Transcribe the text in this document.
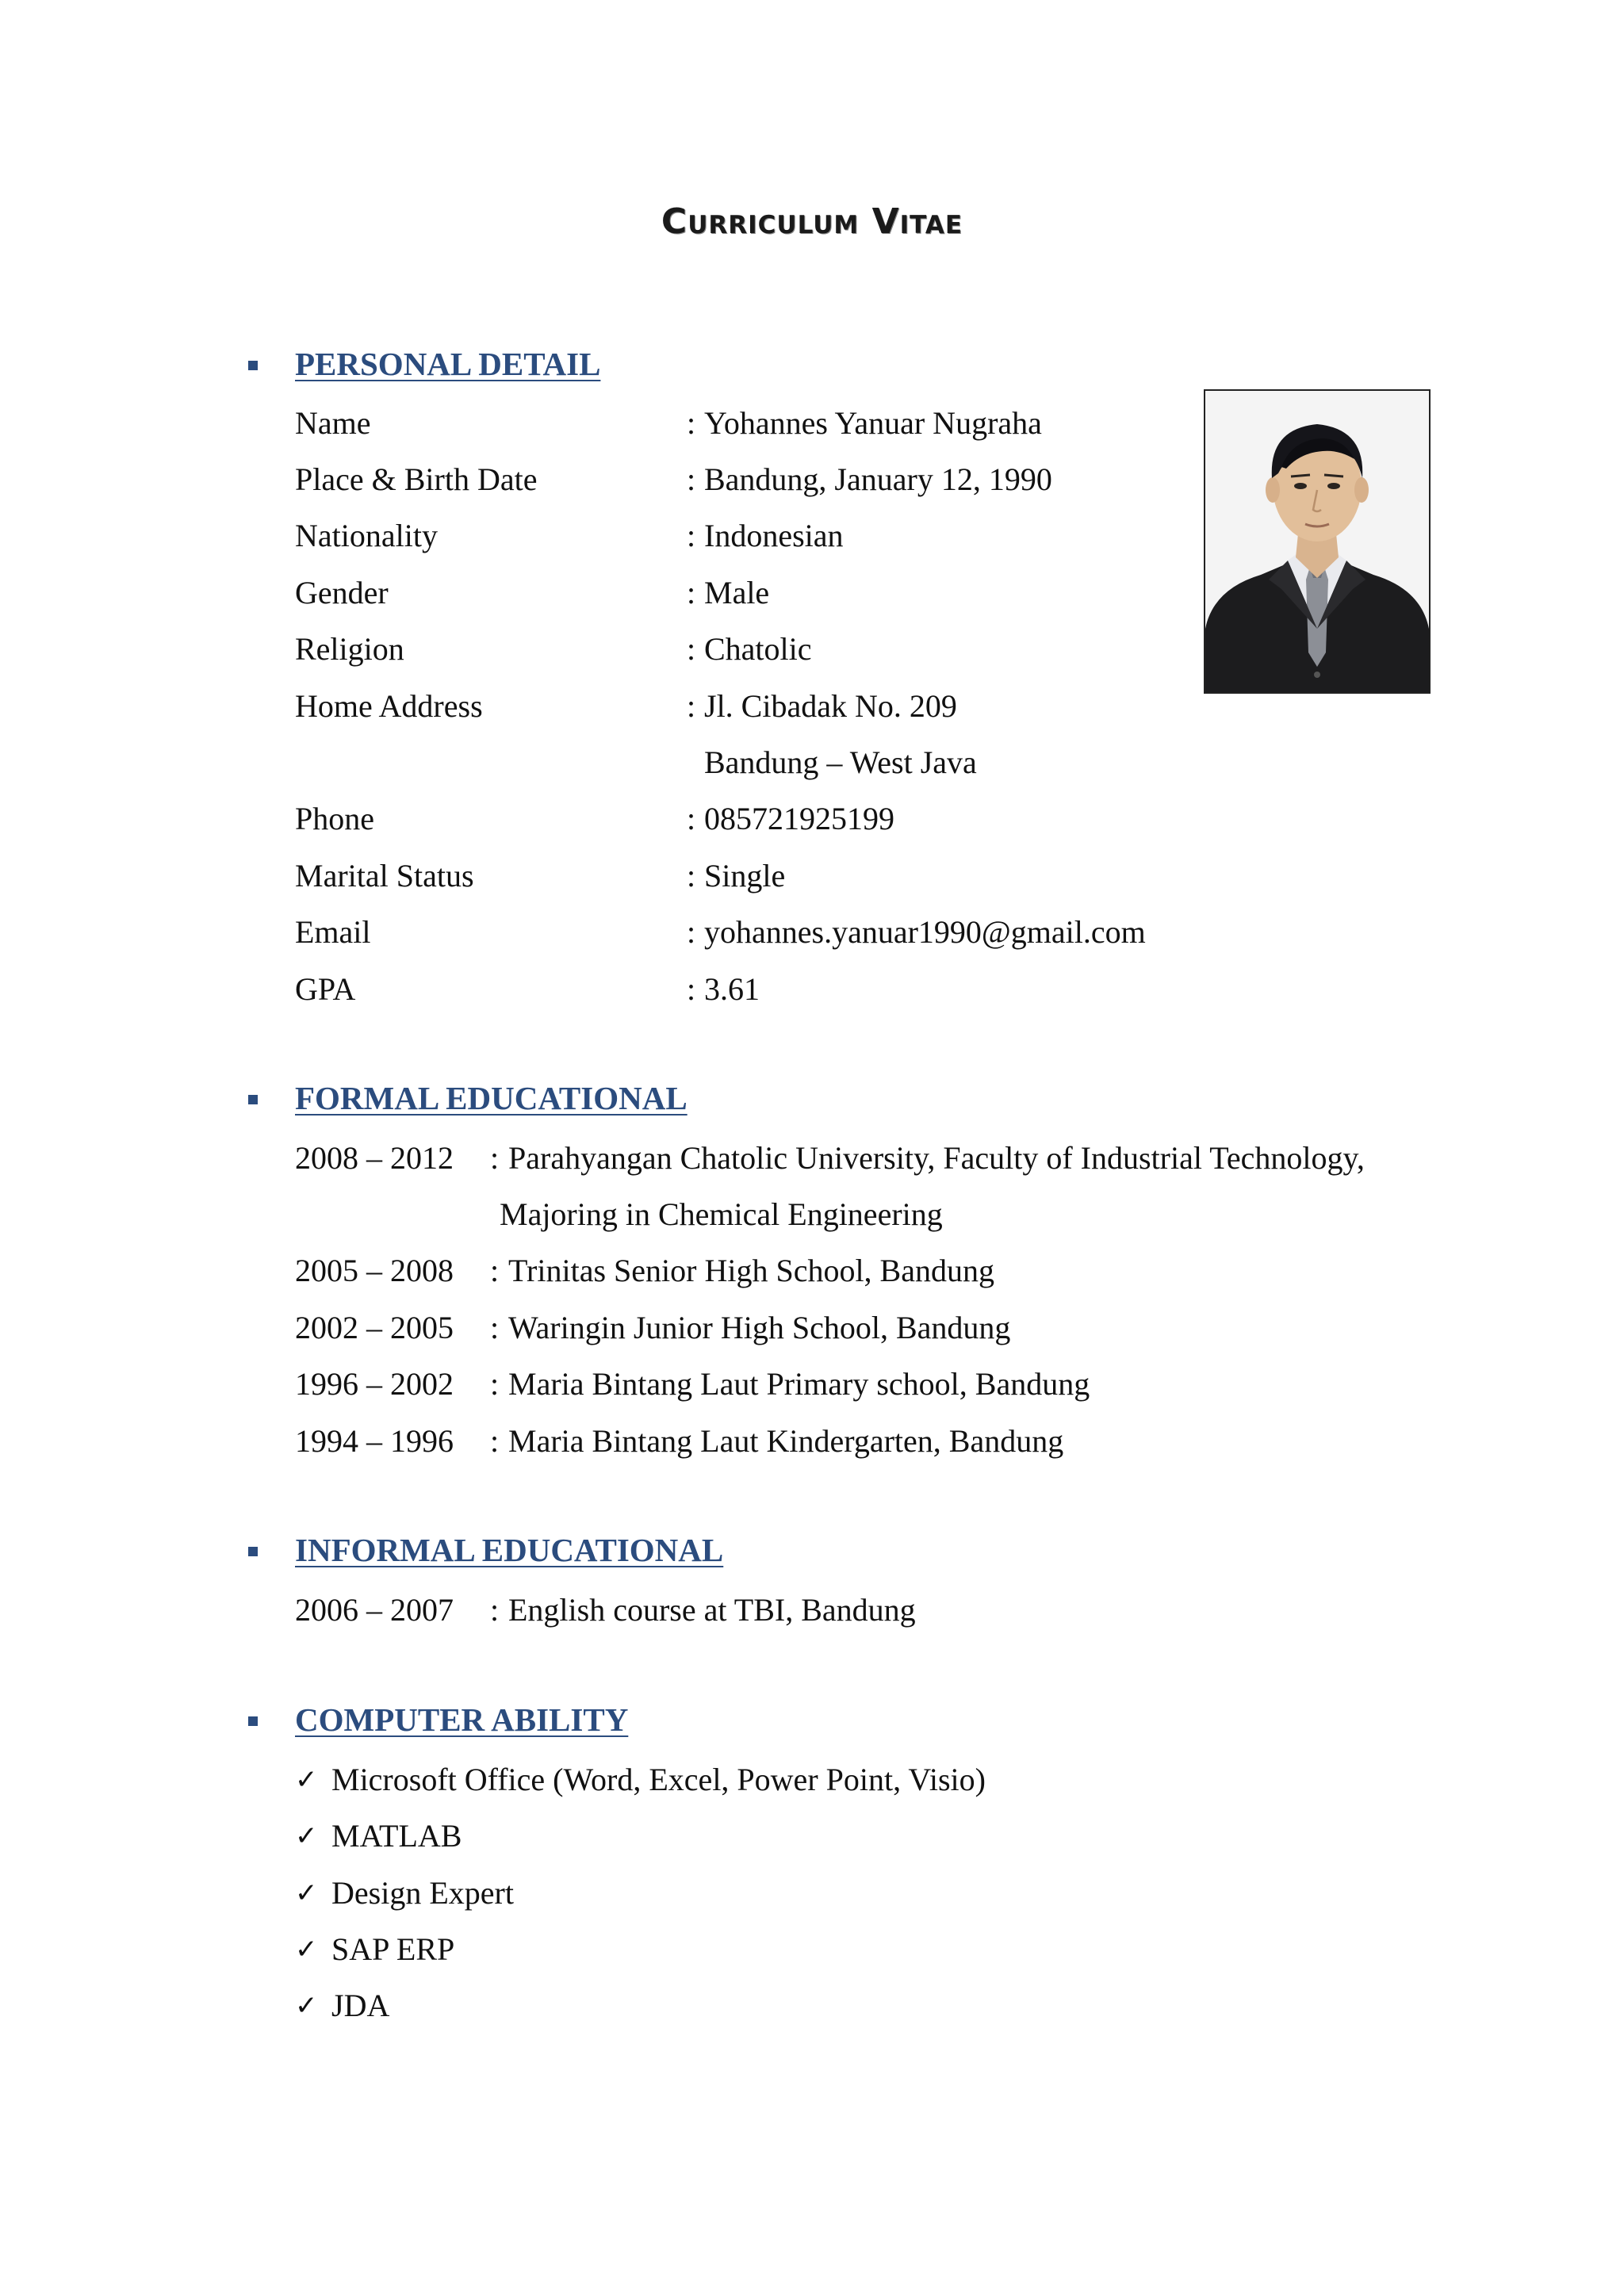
Curriculum Vitae
PERSONAL DETAIL
Name	: Yohannes Yanuar Nugraha
Place & Birth Date	: Bandung, January 12, 1990
Nationality	: Indonesian
Gender	: Male
Religion	: Chatolic
Home Address	: Jl. Cibadak No. 209
Bandung – West Java
Phone	: 085721925199
Marital Status	: Single
Email	: yohannes.yanuar1990@gmail.com
GPA	: 3.61
FORMAL EDUCATIONAL
2008 – 2012 : Parahyangan Chatolic University, Faculty of Industrial Technology,
Majoring in Chemical Engineering
2005 – 2008 : Trinitas Senior High School, Bandung
2002 – 2005 : Waringin Junior High School, Bandung
1996 – 2002 : Maria Bintang Laut Primary school, Bandung
1994 – 1996 : Maria Bintang Laut Kindergarten, Bandung
INFORMAL EDUCATIONAL
2006 – 2007 : English course at TBI, Bandung
COMPUTER ABILITY
✓ Microsoft Office (Word, Excel, Power Point, Visio)
✓ MATLAB
✓ Design Expert
✓ SAP ERP
✓ JDA
